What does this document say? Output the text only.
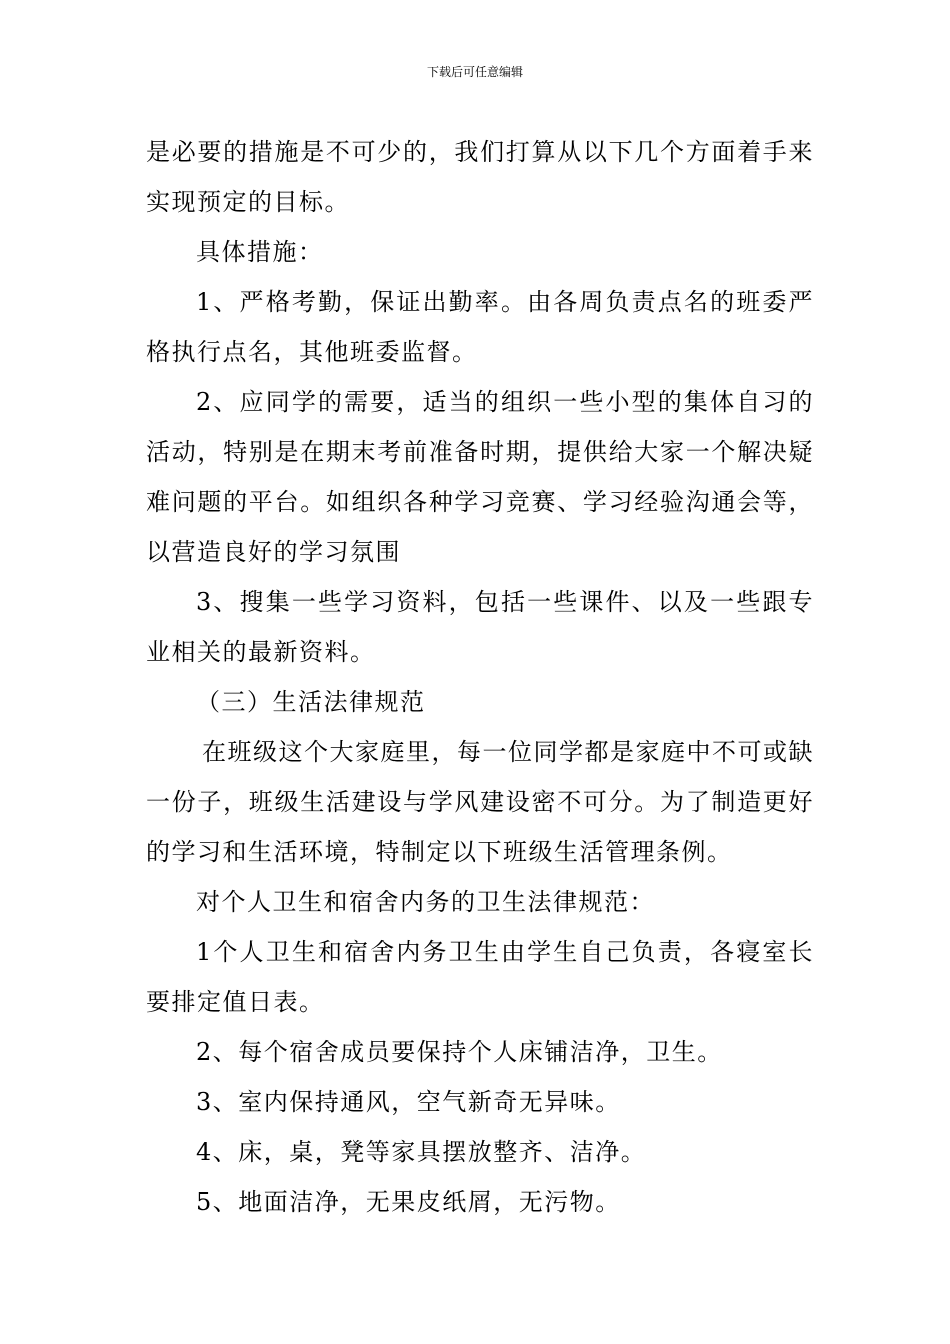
下载后可任意编辑

是必要的措施是不可少的，我们打算从以下几个方面着手来实现预定的目标。

具体措施：

1、严格考勤，保证出勤率。由各周负责点名的班委严格执行点名，其他班委监督。

2、应同学的需要，适当的组织一些小型的集体自习的活动，特别是在期末考前准备时期，提供给大家一个解决疑难问题的平台。如组织各种学习竞赛、学习经验沟通会等，以营造良好的学习氛围

3、搜集一些学习资料，包括一些课件、以及一些跟专业相关的最新资料。

（三）生活法律规范

在班级这个大家庭里，每一位同学都是家庭中不可或缺一份子，班级生活建设与学风建设密不可分。为了制造更好的学习和生活环境，特制定以下班级生活管理条例。

对个人卫生和宿舍内务的卫生法律规范：

1个人卫生和宿舍内务卫生由学生自己负责，各寝室长要排定值日表。

2、每个宿舍成员要保持个人床铺洁净，卫生。

3、室内保持通风，空气新奇无异味。

4、床，桌，凳等家具摆放整齐、洁净。

5、地面洁净，无果皮纸屑，无污物。
